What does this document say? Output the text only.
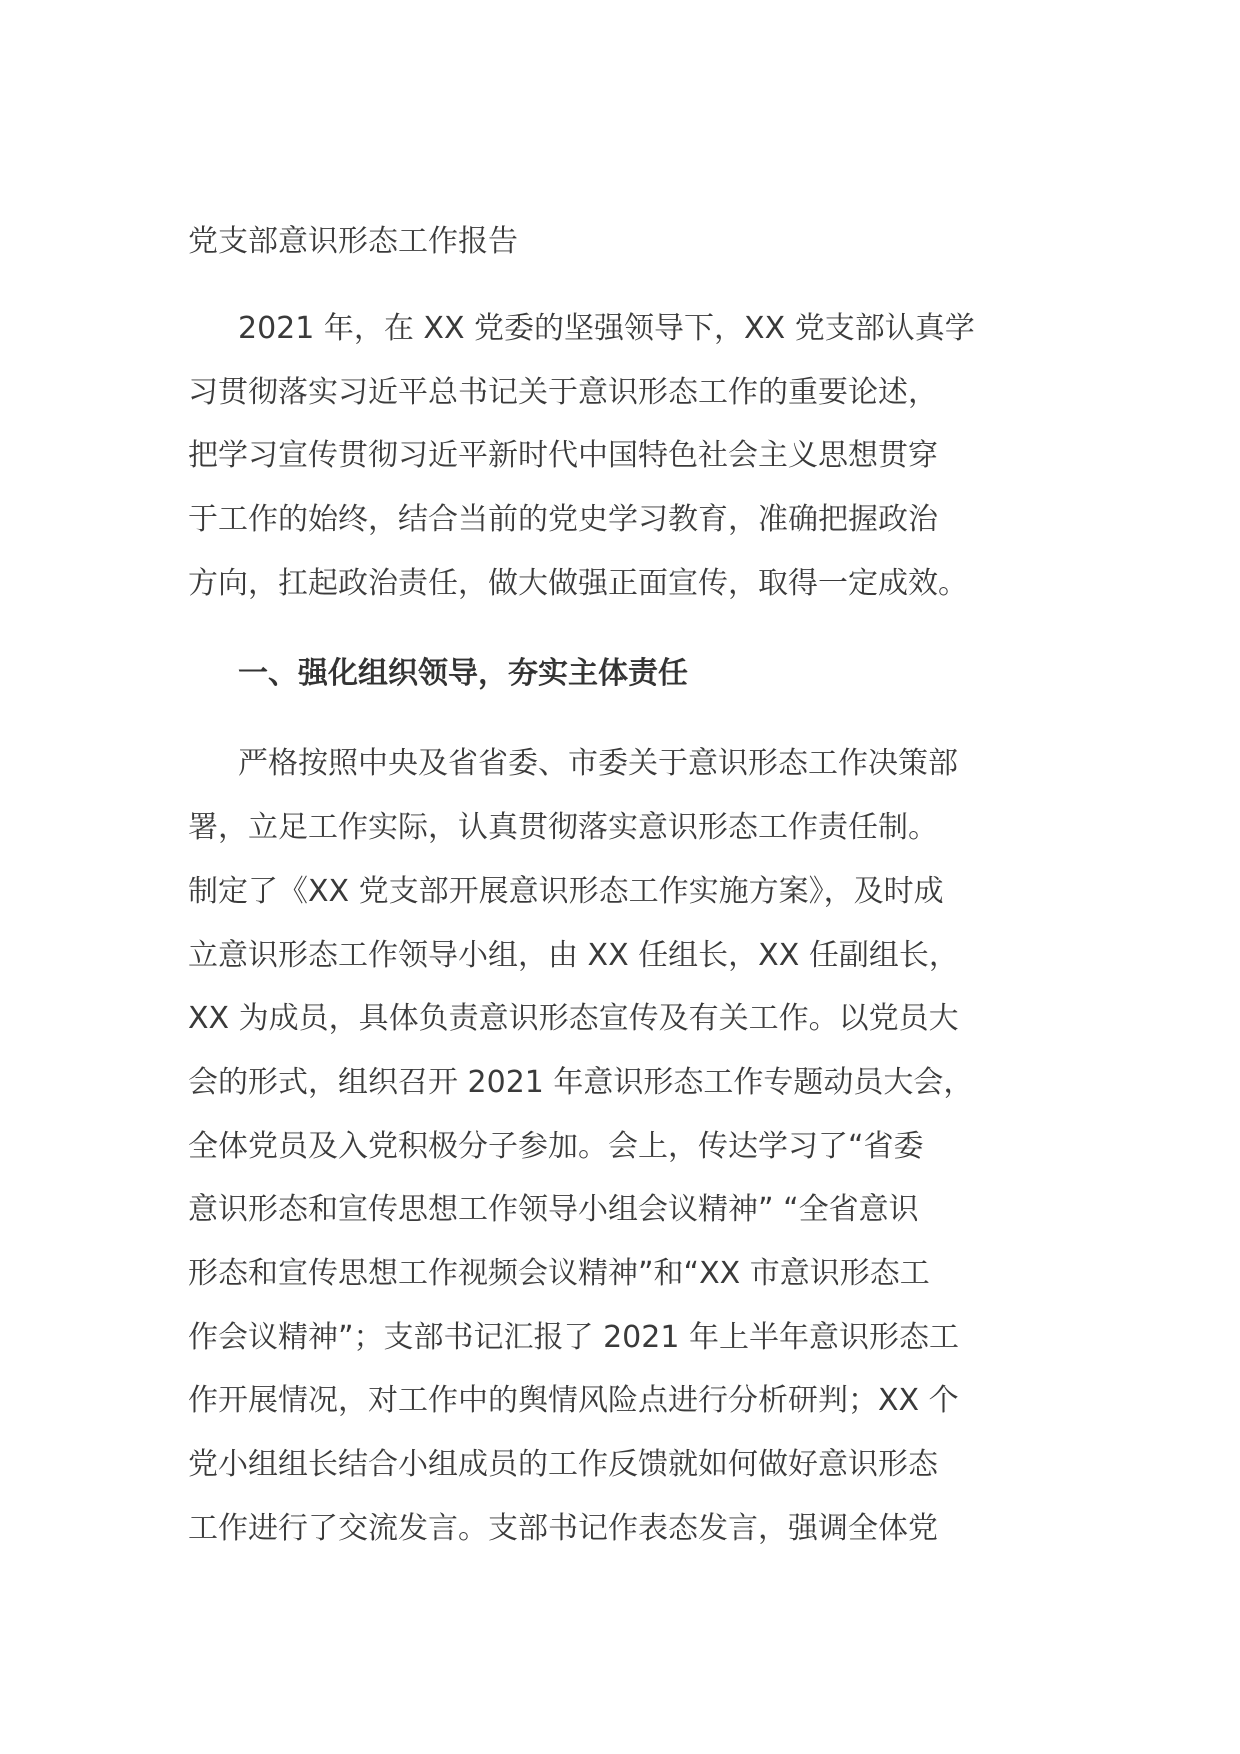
党支部意识形态工作报告
2021 年，在 XX 党委的坚强领导下，XX 党支部认真学
习贯彻落实习近平总书记关于意识形态工作的重要论述，
把学习宣传贯彻习近平新时代中国特色社会主义思想贯穿
于工作的始终，结合当前的党史学习教育，准确把握政治
方向，扛起政治责任，做大做强正面宣传，取得一定成效。
一、强化组织领导，夯实主体责任
严格按照中央及省省委、市委关于意识形态工作决策部
署，立足工作实际，认真贯彻落实意识形态工作责任制。
制定了《XX 党支部开展意识形态工作实施方案》，及时成
立意识形态工作领导小组，由 XX 任组长，XX 任副组长，
XX 为成员，具体负责意识形态宣传及有关工作。以党员大
会的形式，组织召开 2021 年意识形态工作专题动员大会，
全体党员及入党积极分子参加。会上，传达学习了“省委
意识形态和宣传思想工作领导小组会议精神” “全省意识
形态和宣传思想工作视频会议精神”和“XX 市意识形态工
作会议精神”；支部书记汇报了 2021 年上半年意识形态工
作开展情况，对工作中的舆情风险点进行分析研判；XX 个
党小组组长结合小组成员的工作反馈就如何做好意识形态
工作进行了交流发言。支部书记作表态发言，强调全体党
